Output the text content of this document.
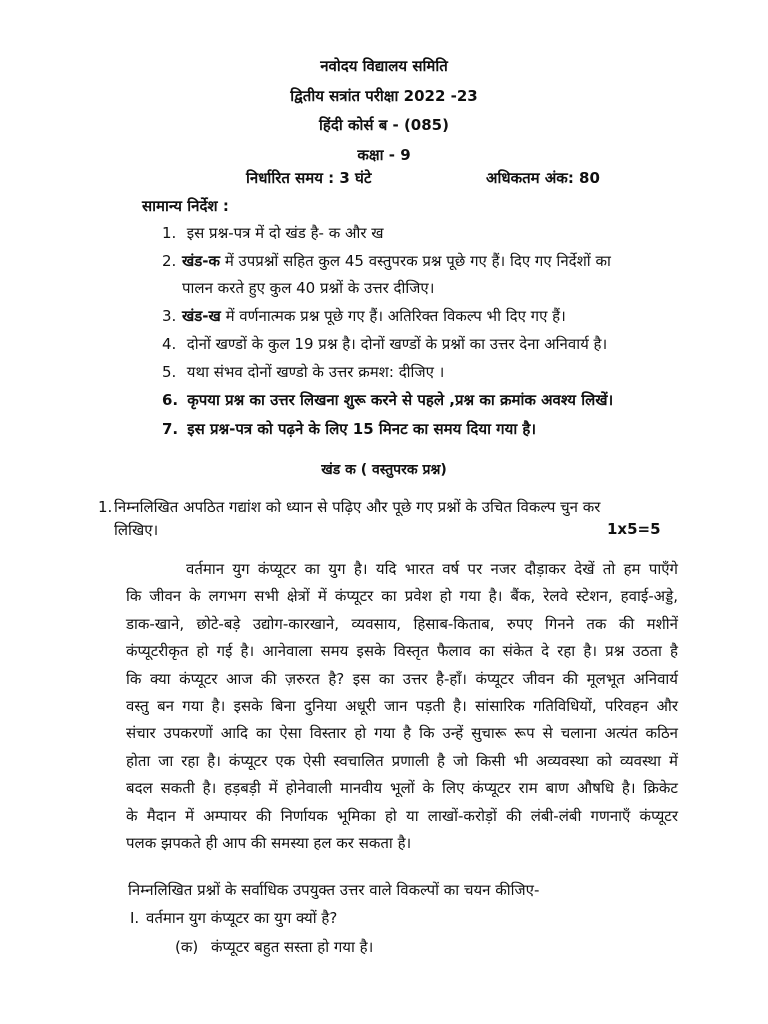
नवोदय विद्यालय समिति
द्वितीय सत्रांत परीक्षा 2022 -23
हिंदी कोर्स ब - (085)
कक्षा - 9
निर्धारित समय : 3 घंटे	अधिकतम अंक: 80
सामान्य निर्देश :
1. इस प्रश्न-पत्र में दो खंड है- क और ख
2. खंड-क में उपप्रश्नों सहित कुल 45 वस्तुपरक प्रश्न पूछे गए हैं। दिए गए निर्देशों का
पालन करते हुए कुल 40 प्रश्नों के उत्तर दीजिए।
3. खंड-ख में वर्णनात्मक प्रश्न पूछे गए हैं। अतिरिक्त विकल्प भी दिए गए हैं।
4. दोनों खण्डों के कुल 19 प्रश्न है। दोनों खण्डों के प्रश्नों का उत्तर देना अनिवार्य है।
5. यथा संभव दोनों खण्डो के उत्तर क्रमश: दीजिए ।
6. कृपया प्रश्न का उत्तर लिखना शुरू करने से पहले ,प्रश्न का क्रमांक अवश्य लिखें।
7. इस प्रश्न-पत्र को पढ़ने के लिए 15 मिनट का समय दिया गया है।
खंड क ( वस्तुपरक प्रश्न)
1. निम्नलिखित अपठित गद्यांश को ध्यान से पढ़िए और पूछे गए प्रश्नों के उचित विकल्प चुन कर
लिखिए।	1x5=5
वर्तमान युग कंप्यूटर का युग है। यदि भारत वर्ष पर नजर दौड़ाकर देखें तो हम पाएँगे
कि जीवन के लगभग सभी क्षेत्रों में कंप्यूटर का प्रवेश हो गया है। बैंक, रेलवे स्टेशन, हवाई-अड्डे,
डाक-खाने, छोटे-बड़े उद्योग-कारखाने, व्यवसाय, हिसाब-किताब, रुपए गिनने तक की मशीनें
कंप्यूटरीकृत हो गई है। आनेवाला समय इसके विस्तृत फैलाव का संकेत दे रहा है। प्रश्न उठता है
कि क्या कंप्यूटर आज की ज़रुरत है? इस का उत्तर है-हाँ। कंप्यूटर जीवन की मूलभूत अनिवार्य
वस्तु बन गया है। इसके बिना दुनिया अधूरी जान पड़ती है। सांसारिक गतिविधियों, परिवहन और
संचार उपकरणों आदि का ऐसा विस्तार हो गया है कि उन्हें सुचारू रूप से चलाना अत्यंत कठिन
होता जा रहा है। कंप्यूटर एक ऐसी स्वचालित प्रणाली है जो किसी भी अव्यवस्था को व्यवस्था में
बदल सकती है। हड़बड़ी में होनेवाली मानवीय भूलों के लिए कंप्यूटर राम बाण औषधि है। क्रिकेट
के मैदान में अम्पायर की निर्णायक भूमिका हो या लाखों-करोड़ों की लंबी-लंबी गणनाएँ कंप्यूटर
पलक झपकते ही आप की समस्या हल कर सकता है।
निम्नलिखित प्रश्नों के सर्वाधिक उपयुक्त उत्तर वाले विकल्पों का चयन कीजिए-
I. वर्तमान युग कंप्यूटर का युग क्यों है?
(क) कंप्यूटर बहुत सस्ता हो गया है।
